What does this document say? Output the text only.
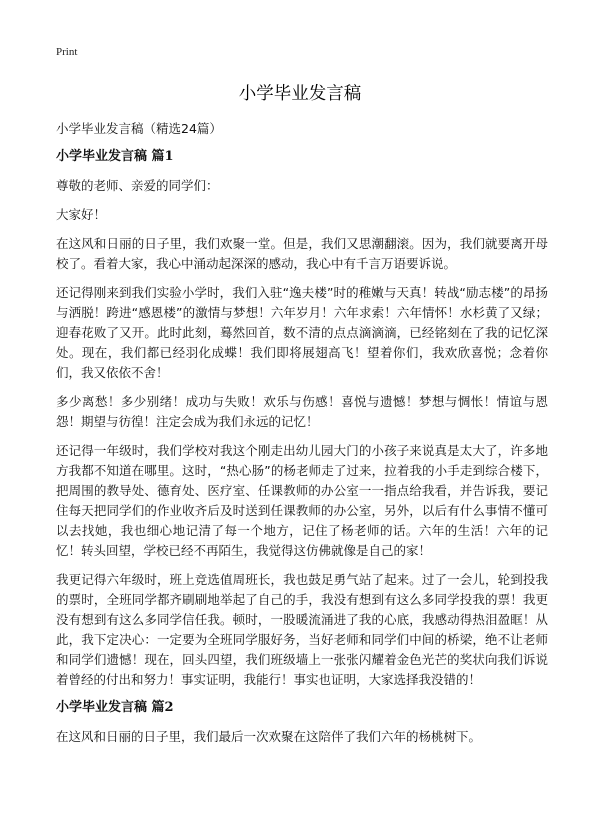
Print
小学毕业发言稿
小学毕业发言稿（精选24篇）
小学毕业发言稿 篇1

尊敬的老师、亲爱的同学们：

大家好！

在这风和日丽的日子里，我们欢聚一堂。但是，我们又思潮翻滚。因为，我们就要离开母校了。看着大家，我心中涌动起深深的感动，我心中有千言万语要诉说。

还记得刚来到我们实验小学时，我们入驻“逸夫楼”时的稚嫩与天真！转战“励志楼”的昂扬与洒脱！跨进“感恩楼”的激情与梦想！六年岁月！六年求索！六年情怀！水杉黄了又绿；迎春花败了又开。此时此刻，蓦然回首，数不清的点点滴滴滴，已经铭刻在了我的记忆深处。现在，我们都已经羽化成蝶！我们即将展翅高飞！望着你们，我欢欣喜悦；念着你们，我又依依不舍！

多少离愁！多少别绪！成功与失败！欢乐与伤感！喜悦与遗憾！梦想与惆怅！情谊与恩怨！期望与彷徨！注定会成为我们永远的记忆！

还记得一年级时，我们学校对我这个刚走出幼儿园大门的小孩子来说真是太大了，许多地方我都不知道在哪里。这时，“热心肠”的杨老师走了过来，拉着我的小手走到综合楼下，把周围的教导处、德育处、医疗室、任课教师的办公室一一指点给我看，并告诉我，要记住每天把同学们的作业收齐后及时送到任课教师的办公室，另外，以后有什么事情不懂可以去找她，我也细心地记清了每一个地方，记住了杨老师的话。六年的生活！六年的记忆！转头回望，学校已经不再陌生，我觉得这仿佛就像是自己的家！

我更记得六年级时，班上竞选值周班长，我也鼓足勇气站了起来。过了一会儿，轮到投我的票时，全班同学都齐刷刷地举起了自己的手，我没有想到有这么多同学投我的票！我更没有想到有这么多同学信任我。顿时，一股暖流涌进了我的心底，我感动得热泪盈眶！从此，我下定决心：一定要为全班同学服好务，当好老师和同学们中间的桥梁，绝不让老师和同学们遗憾！现在，回头四望，我们班级墙上一张张闪耀着金色光芒的奖状向我们诉说着曾经的付出和努力！事实证明，我能行！事实也证明，大家选择我没错的！

小学毕业发言稿 篇2

在这风和日丽的日子里，我们最后一次欢聚在这陪伴了我们六年的杨桃树下。
